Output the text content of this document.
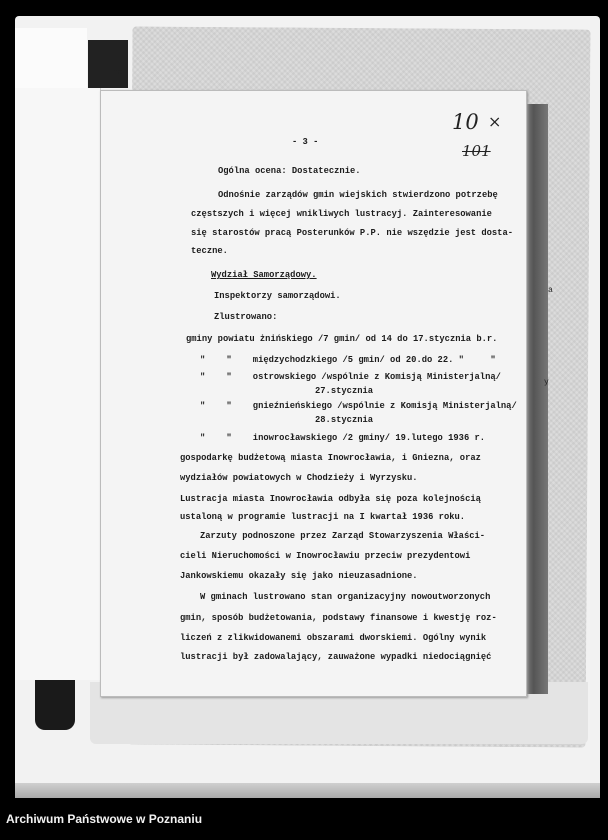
na
a
y
- 3 -
10 ⨯
101
Ogólna ocena: Dostatecznie.
Odnośnie zarządów gmin wiejskich stwierdzono potrzebę
częstszych i więcej wnikliwych lustracyj. Zainteresowanie
się starostów pracą Posterunków P.P. nie wszędzie jest dosta-
teczne.
Wydział Samorządowy.
Inspektorzy samorządowi.
Zlustrowano:
gminy powiatu żnińskiego /7 gmin/ od 14 do 17.stycznia b.r.
"    "    międzychodzkiego /5 gmin/ od 20.do 22. "     "
"    "    ostrowskiego /wspólnie z Komisją Ministerjalną/
27.stycznia
"    "    gnieźnieńskiego /wspólnie z Komisją Ministerjalną/
28.stycznia
"    "    inowrocławskiego /2 gminy/ 19.lutego 1936 r.
gospodarkę budżetową miasta Inowrocławia, i Gniezna, oraz
wydziałów powiatowych w Chodzieży i Wyrzysku.
Lustracja miasta Inowrocławia odbyła się poza kolejnością
ustaloną w programie lustracji na I kwartał 1936 roku.
Zarzuty podnoszone przez Zarząd Stowarzyszenia Właści-
cieli Nieruchomości w Inowrocławiu przeciw prezydentowi
Jankowskiemu okazały się jako nieuzasadnione.
W gminach lustrowano stan organizacyjny nowoutworzonych
gmin, sposób budżetowania, podstawy finansowe i kwestję roz-
liczeń z zlikwidowanemi obszarami dworskiemi. Ogólny wynik
lustracji był zadowalający, zauważone wypadki niedociągnięć
Archiwum Państwowe w Poznaniu
